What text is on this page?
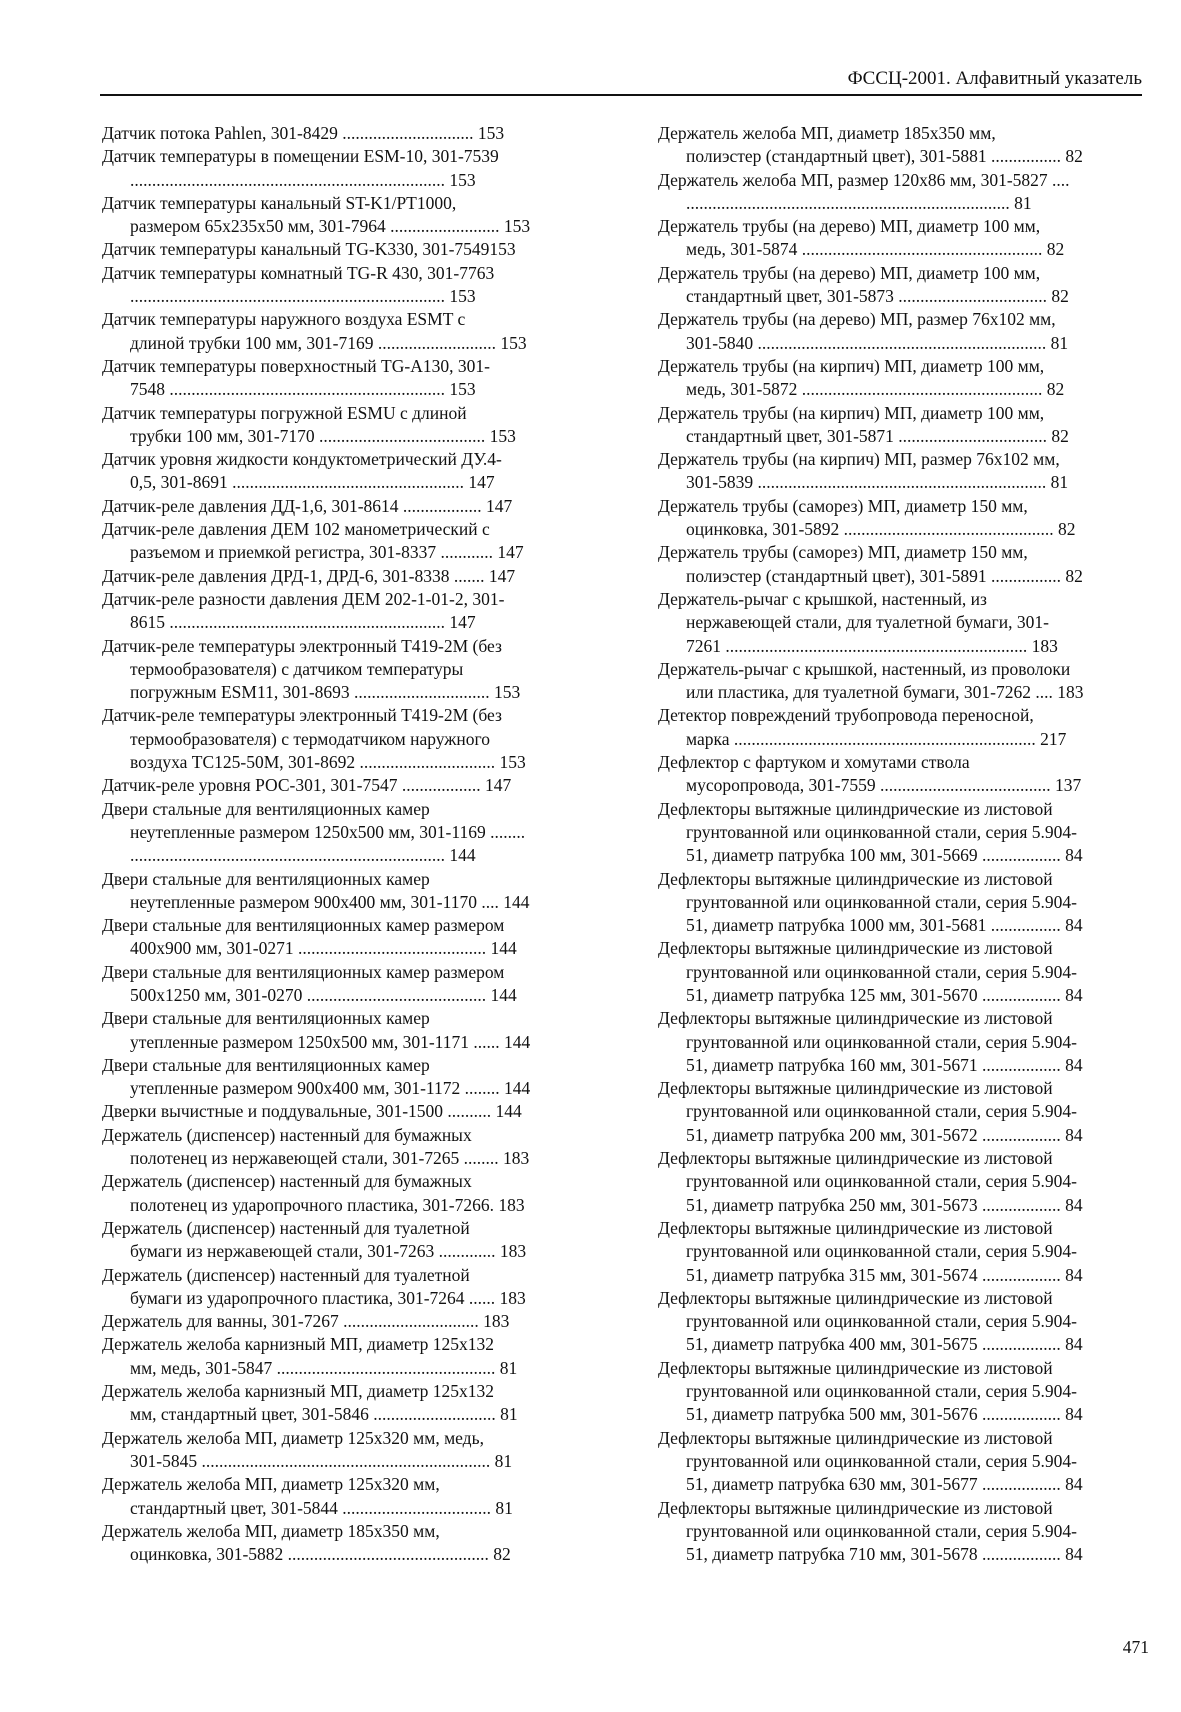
ФССЦ-2001. Алфавитный указатель
Датчик потока Pahlen, 301-8429 .............................. 153
Датчик температуры в помещении ESM-10, 301-7539
........................................................................ 153
Датчик температуры канальный ST-K1/PT1000,
размером 65x235x50 мм, 301-7964 ......................... 153
Датчик температуры канальный TG-K330, 301-7549153
Датчик температуры комнатный TG-R 430, 301-7763
........................................................................ 153
Датчик температуры наружного воздуха ESMT с
длиной трубки 100 мм, 301-7169 ........................... 153
Датчик температуры поверхностный TG-A130, 301-
7548 ............................................................... 153
Датчик температуры погружной ESMU с длиной
трубки 100 мм, 301-7170 ...................................... 153
Датчик уровня жидкости кондуктометрический ДУ.4-
0,5, 301-8691 ..................................................... 147
Датчик-реле давления ДД-1,6, 301-8614 .................. 147
Датчик-реле давления ДЕМ 102 манометрический с
разъемом и приемкой регистра, 301-8337 ............ 147
Датчик-реле давления ДРД-1, ДРД-6, 301-8338 ....... 147
Датчик-реле разности давления ДЕМ 202-1-01-2, 301-
8615 ............................................................... 147
Датчик-реле температуры электронный Т419-2М (без
термообразователя) с датчиком температуры
погружным ESM11, 301-8693 ............................... 153
Датчик-реле температуры электронный Т419-2М (без
термообразователя) с термодатчиком наружного
воздуха ТС125-50М, 301-8692 ............................... 153
Датчик-реле уровня РОС-301, 301-7547 .................. 147
Двери стальные для вентиляционных камер
неутепленные размером 1250x500 мм, 301-1169 ........
........................................................................ 144
Двери стальные для вентиляционных камер
неутепленные размером 900x400 мм, 301-1170 .... 144
Двери стальные для вентиляционных камер размером
400x900 мм, 301-0271 ........................................... 144
Двери стальные для вентиляционных камер размером
500x1250 мм, 301-0270 ......................................... 144
Двери стальные для вентиляционных камер
утепленные размером 1250x500 мм, 301-1171 ...... 144
Двери стальные для вентиляционных камер
утепленные размером 900x400 мм, 301-1172 ........ 144
Дверки вычистные и поддувальные, 301-1500 .......... 144
Держатель (диспенсер) настенный для бумажных
полотенец из нержавеющей стали, 301-7265 ........ 183
Держатель (диспенсер) настенный для бумажных
полотенец из ударопрочного пластика, 301-7266. 183
Держатель (диспенсер) настенный для туалетной
бумаги из нержавеющей стали, 301-7263 ............. 183
Держатель (диспенсер) настенный для туалетной
бумаги из ударопрочного пластика, 301-7264 ...... 183
Держатель для ванны, 301-7267 ............................... 183
Держатель желоба карнизный МП, диаметр 125x132
мм, медь, 301-5847 .................................................. 81
Держатель желоба карнизный МП, диаметр 125x132
мм, стандартный цвет, 301-5846 ............................ 81
Держатель желоба МП, диаметр 125x320 мм, медь,
301-5845 .................................................................. 81
Держатель желоба МП, диаметр 125x320 мм,
стандартный цвет, 301-5844 .................................. 81
Держатель желоба МП, диаметр 185x350 мм,
оцинковка, 301-5882 .............................................. 82
Держатель желоба МП, диаметр 185x350 мм,
полиэстер (стандартный цвет), 301-5881 ................ 82
Держатель желоба МП, размер 120x86 мм, 301-5827 ....
.......................................................................... 81
Держатель трубы (на дерево) МП, диаметр 100 мм,
медь, 301-5874 ....................................................... 82
Держатель трубы (на дерево) МП, диаметр 100 мм,
стандартный цвет, 301-5873 .................................. 82
Держатель трубы (на дерево) МП, размер 76x102 мм,
301-5840 .................................................................. 81
Держатель трубы (на кирпич) МП, диаметр 100 мм,
медь, 301-5872 ....................................................... 82
Держатель трубы (на кирпич) МП, диаметр 100 мм,
стандартный цвет, 301-5871 .................................. 82
Держатель трубы (на кирпич) МП, размер 76x102 мм,
301-5839 .................................................................. 81
Держатель трубы (саморез) МП, диаметр 150 мм,
оцинковка, 301-5892 ................................................ 82
Держатель трубы (саморез) МП, диаметр 150 мм,
полиэстер (стандартный цвет), 301-5891 ................ 82
Держатель-рычаг с крышкой, настенный, из
нержавеющей стали, для туалетной бумаги, 301-
7261 ..................................................................... 183
Держатель-рычаг с крышкой, настенный, из проволоки
или пластика, для туалетной бумаги, 301-7262 .... 183
Детектор повреждений трубопровода переносной,
марка ..................................................................... 217
Дефлектор с фартуком и хомутами ствола
мусоропровода, 301-7559 ....................................... 137
Дефлекторы вытяжные цилиндрические из листовой
грунтованной или оцинкованной стали, серия 5.904-
51, диаметр патрубка 100 мм, 301-5669 .................. 84
Дефлекторы вытяжные цилиндрические из листовой
грунтованной или оцинкованной стали, серия 5.904-
51, диаметр патрубка 1000 мм, 301-5681 ................ 84
Дефлекторы вытяжные цилиндрические из листовой
грунтованной или оцинкованной стали, серия 5.904-
51, диаметр патрубка 125 мм, 301-5670 .................. 84
Дефлекторы вытяжные цилиндрические из листовой
грунтованной или оцинкованной стали, серия 5.904-
51, диаметр патрубка 160 мм, 301-5671 .................. 84
Дефлекторы вытяжные цилиндрические из листовой
грунтованной или оцинкованной стали, серия 5.904-
51, диаметр патрубка 200 мм, 301-5672 .................. 84
Дефлекторы вытяжные цилиндрические из листовой
грунтованной или оцинкованной стали, серия 5.904-
51, диаметр патрубка 250 мм, 301-5673 .................. 84
Дефлекторы вытяжные цилиндрические из листовой
грунтованной или оцинкованной стали, серия 5.904-
51, диаметр патрубка 315 мм, 301-5674 .................. 84
Дефлекторы вытяжные цилиндрические из листовой
грунтованной или оцинкованной стали, серия 5.904-
51, диаметр патрубка 400 мм, 301-5675 .................. 84
Дефлекторы вытяжные цилиндрические из листовой
грунтованной или оцинкованной стали, серия 5.904-
51, диаметр патрубка 500 мм, 301-5676 .................. 84
Дефлекторы вытяжные цилиндрические из листовой
грунтованной или оцинкованной стали, серия 5.904-
51, диаметр патрубка 630 мм, 301-5677 .................. 84
Дефлекторы вытяжные цилиндрические из листовой
грунтованной или оцинкованной стали, серия 5.904-
51, диаметр патрубка 710 мм, 301-5678 .................. 84
471
